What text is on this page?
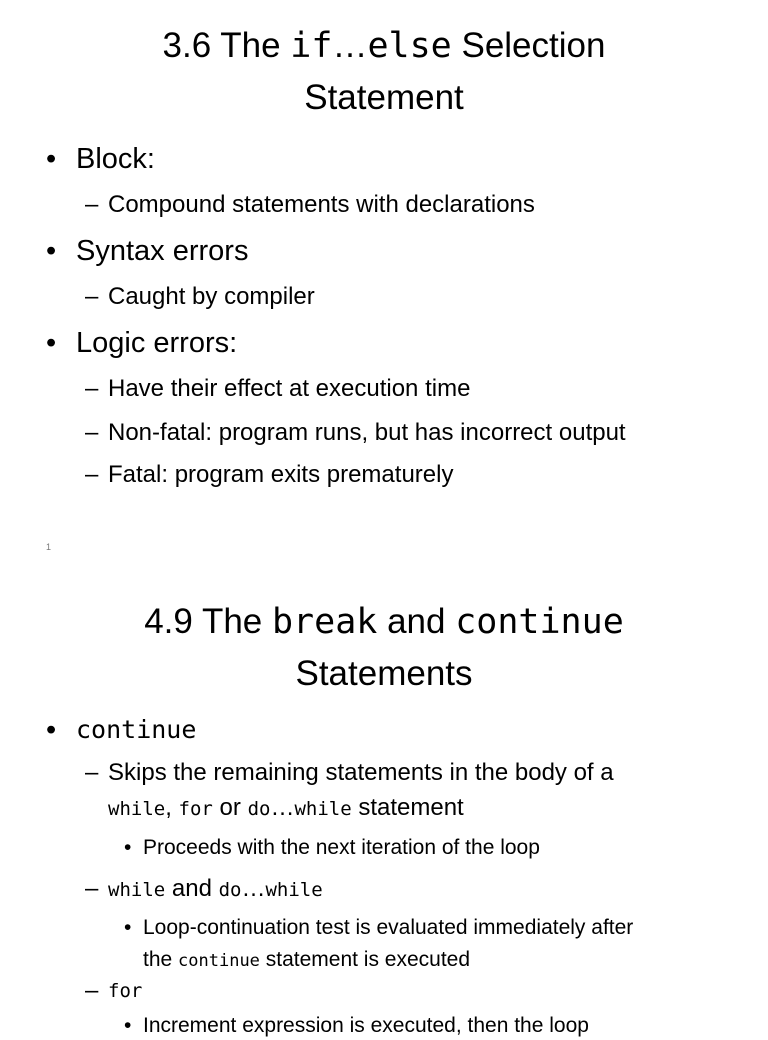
3.6 The if…else Selection
Statement
• Block:
– Compound statements with declarations
• Syntax errors
– Caught by compiler
• Logic errors:
– Have their effect at execution time
– Non-fatal: program runs, but has incorrect output
– Fatal: program exits prematurely
1
4.9 The break and continue
Statements
• continue
– Skips the remaining statements in the body of a
while, for or do…while statement
• Proceeds with the next iteration of the loop
– while and do…while
• Loop-continuation test is evaluated immediately after
the continue statement is executed
– for
• Increment expression is executed, then the loop
